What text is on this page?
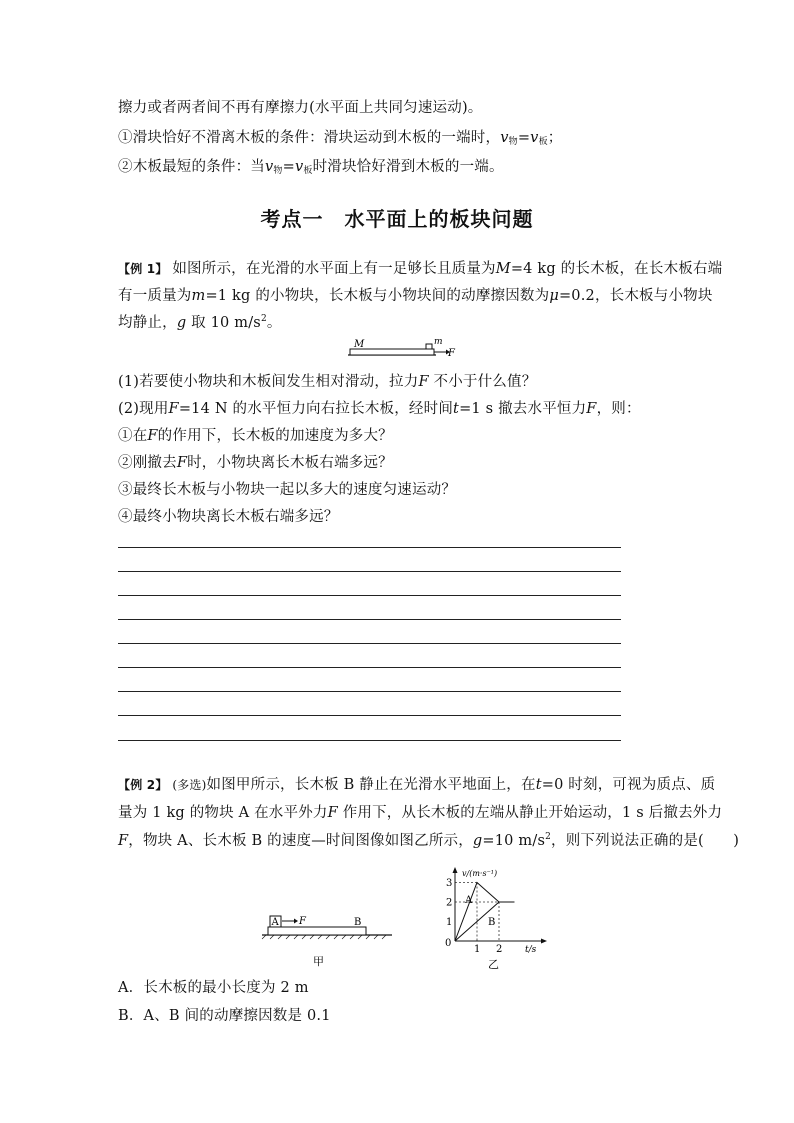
擦力或者两者间不再有摩擦力(水平面上共同匀速运动)。
①滑块恰好不滑离木板的条件：滑块运动到木板的一端时，$v_物=v_板$；
②木板最短的条件：当$v_物=v_板$时滑块恰好滑到木板的一端。
考点一　水平面上的板块问题
【例 1】 如图所示，在光滑的水平面上有一足够长且质量为M=4 kg 的长木板，在长木板右端
有一质量为m=1 kg 的小物块，长木板与小物块间的动摩擦因数为μ=0.2，长木板与小物块
均静止，g 取 10 $m/s^2$。
M	m
F
(1)若要使小物块和木板间发生相对滑动，拉力F 不小于什么值？
(2)现用F=14 N 的水平恒力向右拉长木板，经时间t=1 s 撤去水平恒力F，则：
①在F的作用下，长木板的加速度为多大？
②刚撤去F时，小物块离长木板右端多远？
③最终长木板与小物块一起以多大的速度匀速运动？
④最终小物块离长木板右端多远？
【例 2】 (多选)如图甲所示，长木板 B 静止在光滑水平地面上，在t=0 时刻，可视为质点、质
量为 1 kg 的物块 A 在水平外力F 作用下，从长木板的左端从静止开始运动，1 s 后撤去外力
F，物块 A、长木板 B 的速度—时间图像如图乙所示，g=10 $m/s^2$，则下列说法正确的是(　　)
A F	B
甲
v/(m·s⁻¹)
t/s
0
1
2
3
1 2
A
B
乙
A．长木板的最小长度为 2 m
B．A、B 间的动摩擦因数是 0.1
